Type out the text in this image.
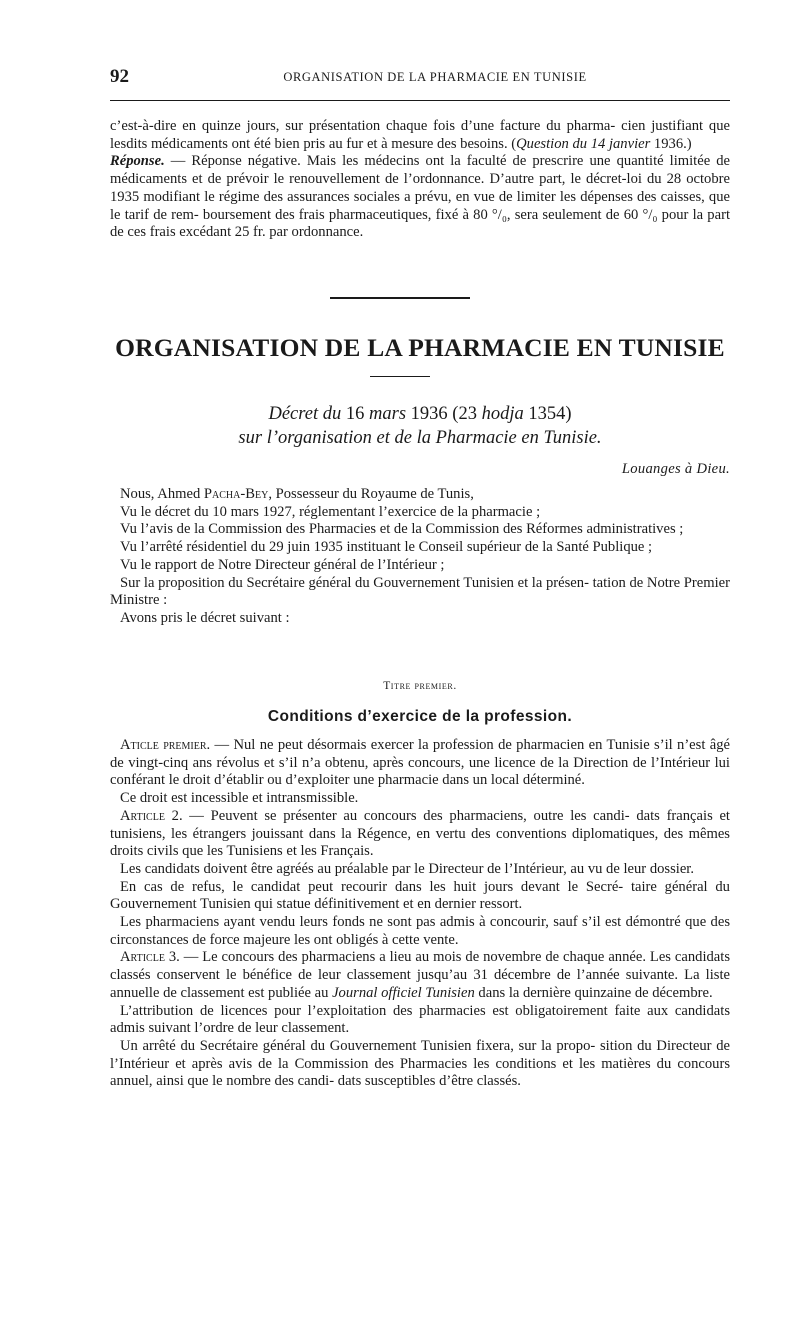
92	ORGANISATION DE LA PHARMACIE EN TUNISIE

c’est-à-dire en quinze jours, sur présentation chaque fois d’une facture du pharma- cien justifiant que lesdits médicaments ont été bien pris au fur et à mesure des besoins. (Question du 14 janvier 1936.)

Réponse. — Réponse négative. Mais les médecins ont la faculté de prescrire une quantité limitée de médicaments et de prévoir le renouvellement de l’ordonnance. D’autre part, le décret-loi du 28 octobre 1935 modifiant le régime des assurances sociales a prévu, en vue de limiter les dépenses des caisses, que le tarif de rem- boursement des frais pharmaceutiques, fixé à 80 °/₀, sera seulement de 60 °/₀ pour la part de ces frais excédant 25 fr. par ordonnance.

ORGANISATION DE LA PHARMACIE EN TUNISIE
Décret du 16 mars 1936 (23 hodja 1354)
sur l’organisation et de la Pharmacie en Tunisie.
Louanges à Dieu.

Nous, Ahmed Pacha-Bey, Possesseur du Royaume de Tunis,

Vu le décret du 10 mars 1927, réglementant l’exercice de la pharmacie ;

Vu l’avis de la Commission des Pharmacies et de la Commission des Réformes administratives ;

Vu l’arrêté résidentiel du 29 juin 1935 instituant le Conseil supérieur de la Santé Publique ;

Vu le rapport de Notre Directeur général de l’Intérieur ;

Sur la proposition du Secrétaire général du Gouvernement Tunisien et la présen- tation de Notre Premier Ministre :

Avons pris le décret suivant :

Titre premier.
Conditions d’exercice de la profession.

Aticle premier. — Nul ne peut désormais exercer la profession de pharmacien en Tunisie s’il n’est âgé de vingt-cinq ans révolus et s’il n’a obtenu, après concours, une licence de la Direction de l’Intérieur lui conférant le droit d’établir ou d’exploiter une pharmacie dans un local déterminé.

Ce droit est incessible et intransmissible.

Article 2. — Peuvent se présenter au concours des pharmaciens, outre les candi- dats français et tunisiens, les étrangers jouissant dans la Régence, en vertu des conventions diplomatiques, des mêmes droits civils que les Tunisiens et les Français.

Les candidats doivent être agréés au préalable par le Directeur de l’Intérieur, au vu de leur dossier.

En cas de refus, le candidat peut recourir dans les huit jours devant le Secré- taire général du Gouvernement Tunisien qui statue définitivement et en dernier ressort.

Les pharmaciens ayant vendu leurs fonds ne sont pas admis à concourir, sauf s’il est démontré que des circonstances de force majeure les ont obligés à cette vente.

Article 3. — Le concours des pharmaciens a lieu au mois de novembre de chaque année. Les candidats classés conservent le bénéfice de leur classement jusqu’au 31 décembre de l’année suivante. La liste annuelle de classement est publiée au Journal officiel Tunisien dans la dernière quinzaine de décembre.

L’attribution de licences pour l’exploitation des pharmacies est obligatoirement faite aux candidats admis suivant l’ordre de leur classement.

Un arrêté du Secrétaire général du Gouvernement Tunisien fixera, sur la propo- sition du Directeur de l’Intérieur et après avis de la Commission des Pharmacies les conditions et les matières du concours annuel, ainsi que le nombre des candi- dats susceptibles d’être classés.
